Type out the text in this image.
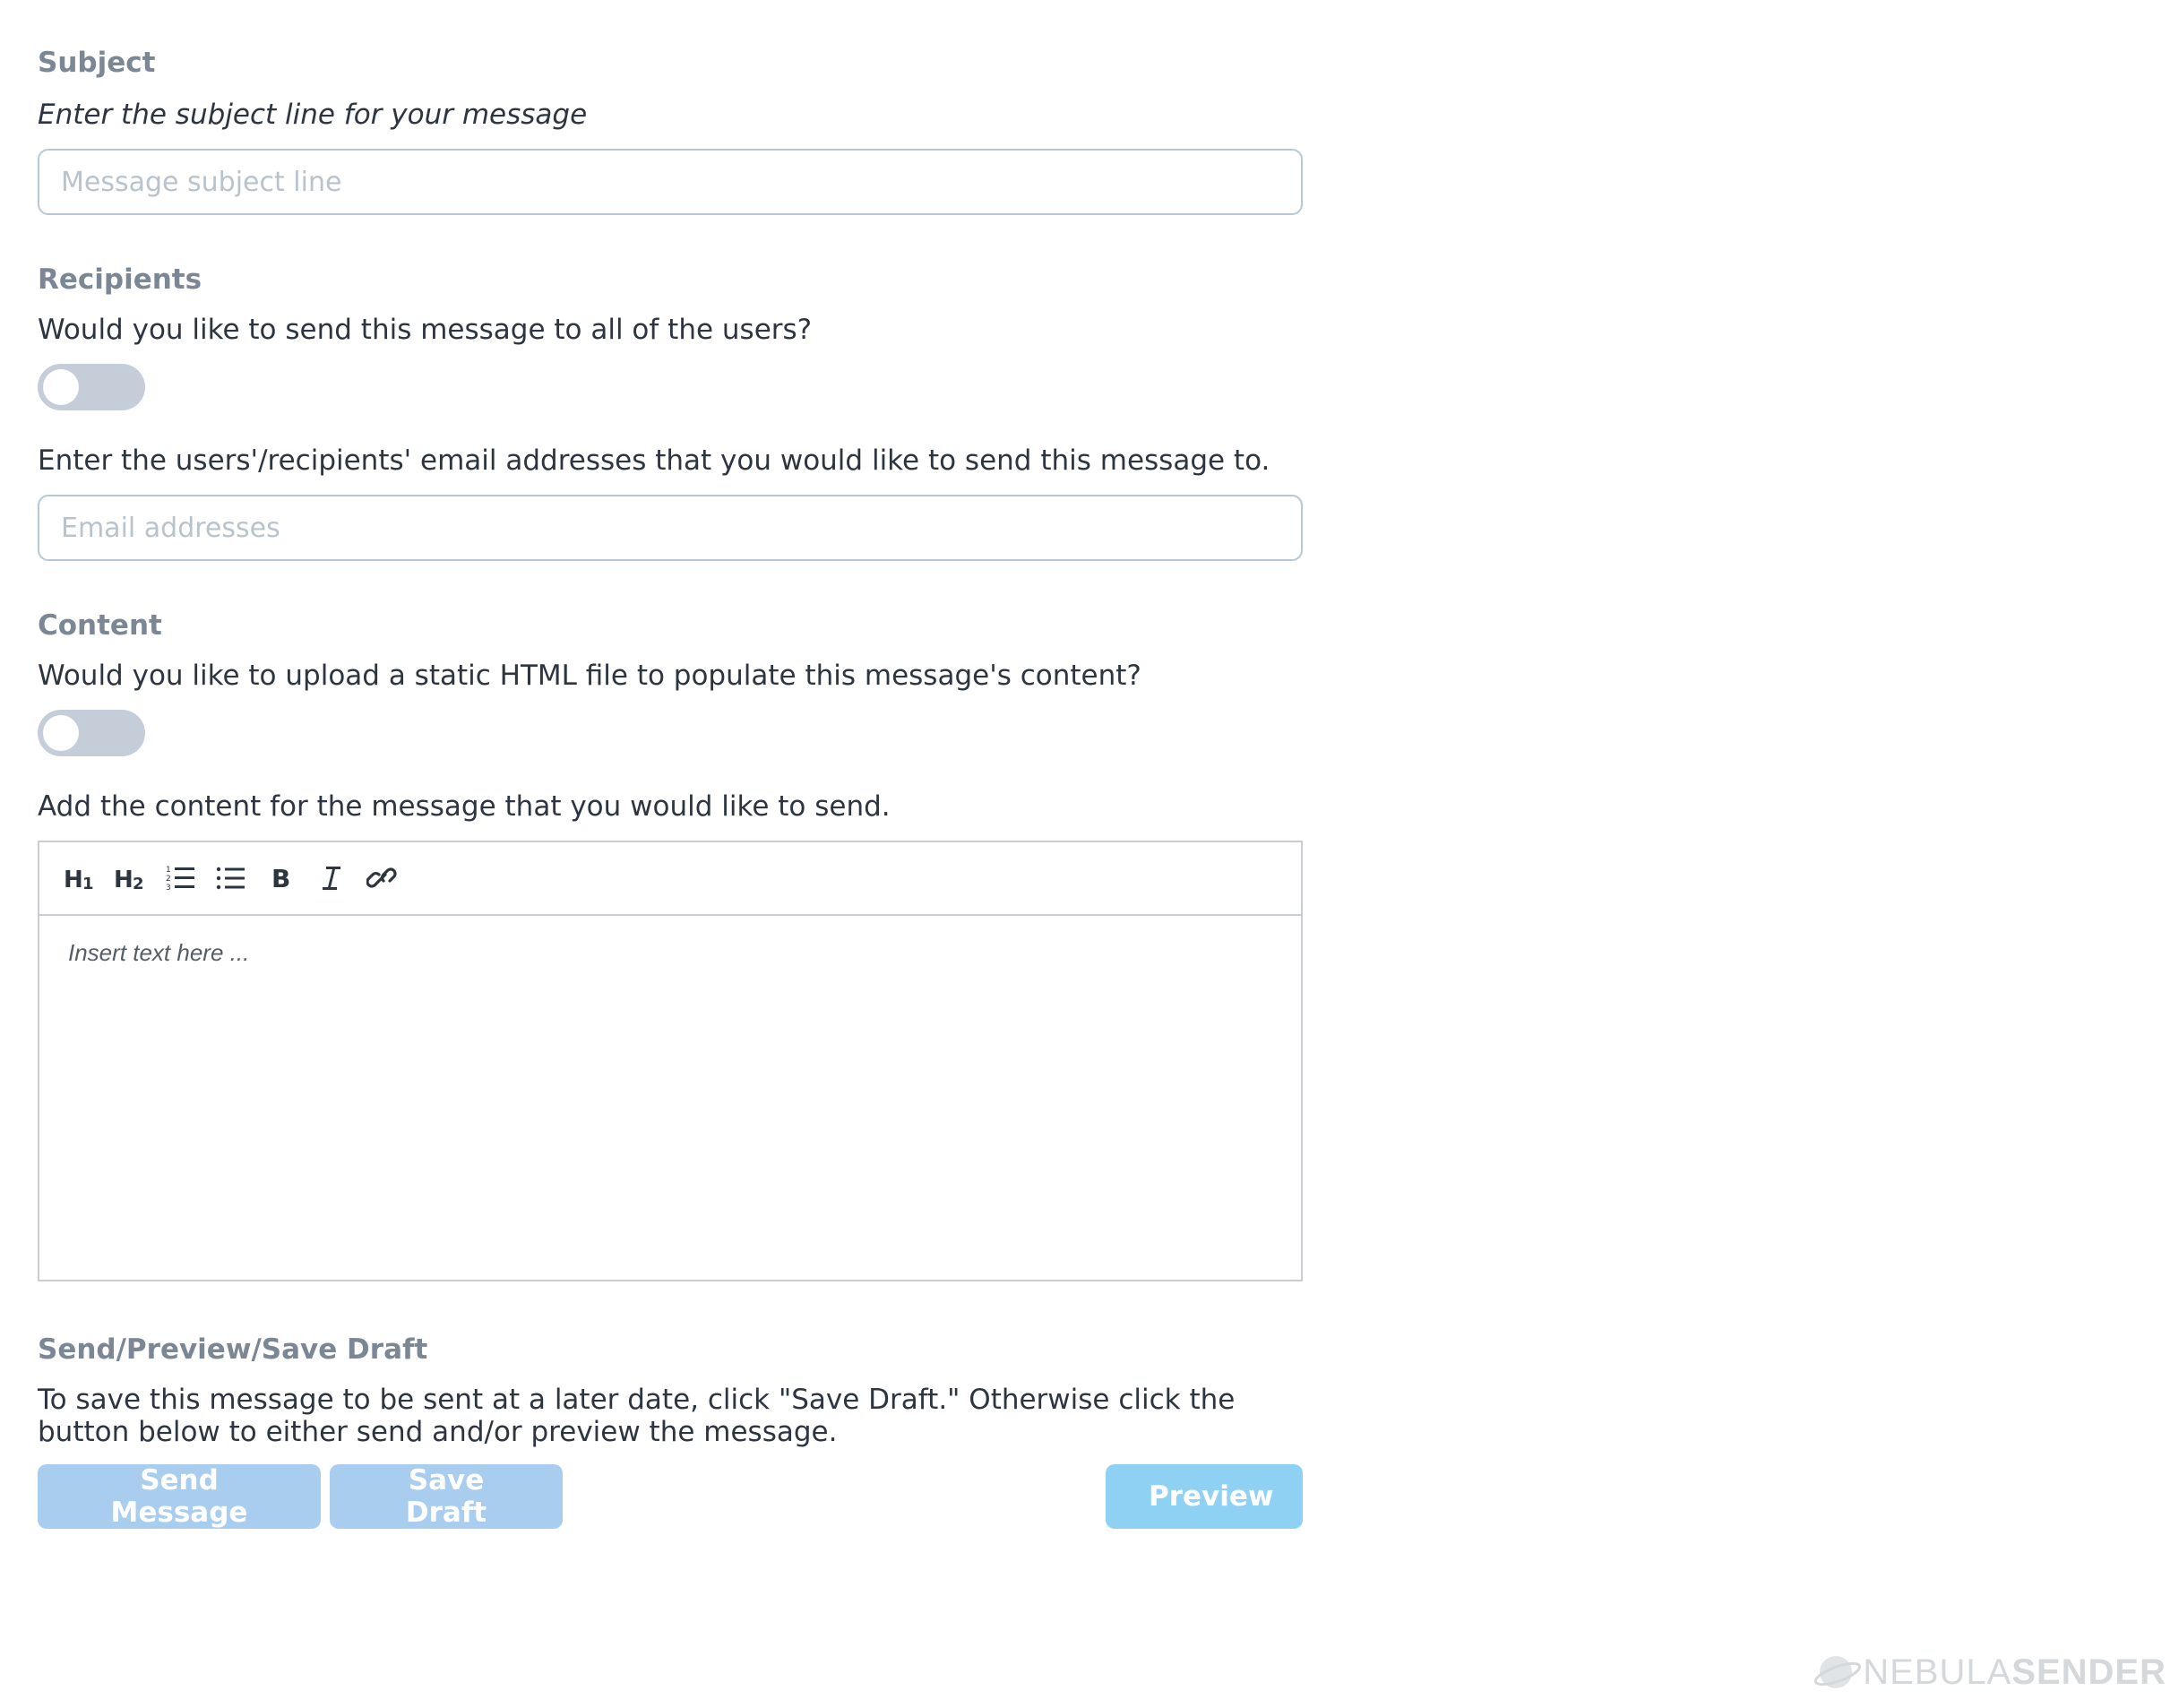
Subject

Enter the subject line for your message

Message subject line
Recipients

Would you like to send this message to all of the users?

Enter the users'/recipients' email addresses that you would like to send this message to.

Email addresses
Content

Would you like to upload a static HTML file to populate this message's content?

Add the content for the message that you would like to send.

H 1 H 2
1
2
3	B
Insert text here ...
Send/Preview/Save Draft

To save this message to be sent at a later date, click "Save Draft." Otherwise click the button below to either send and/or preview the message.

Send Message
Save Draft	Preview
NEBULA SENDER
